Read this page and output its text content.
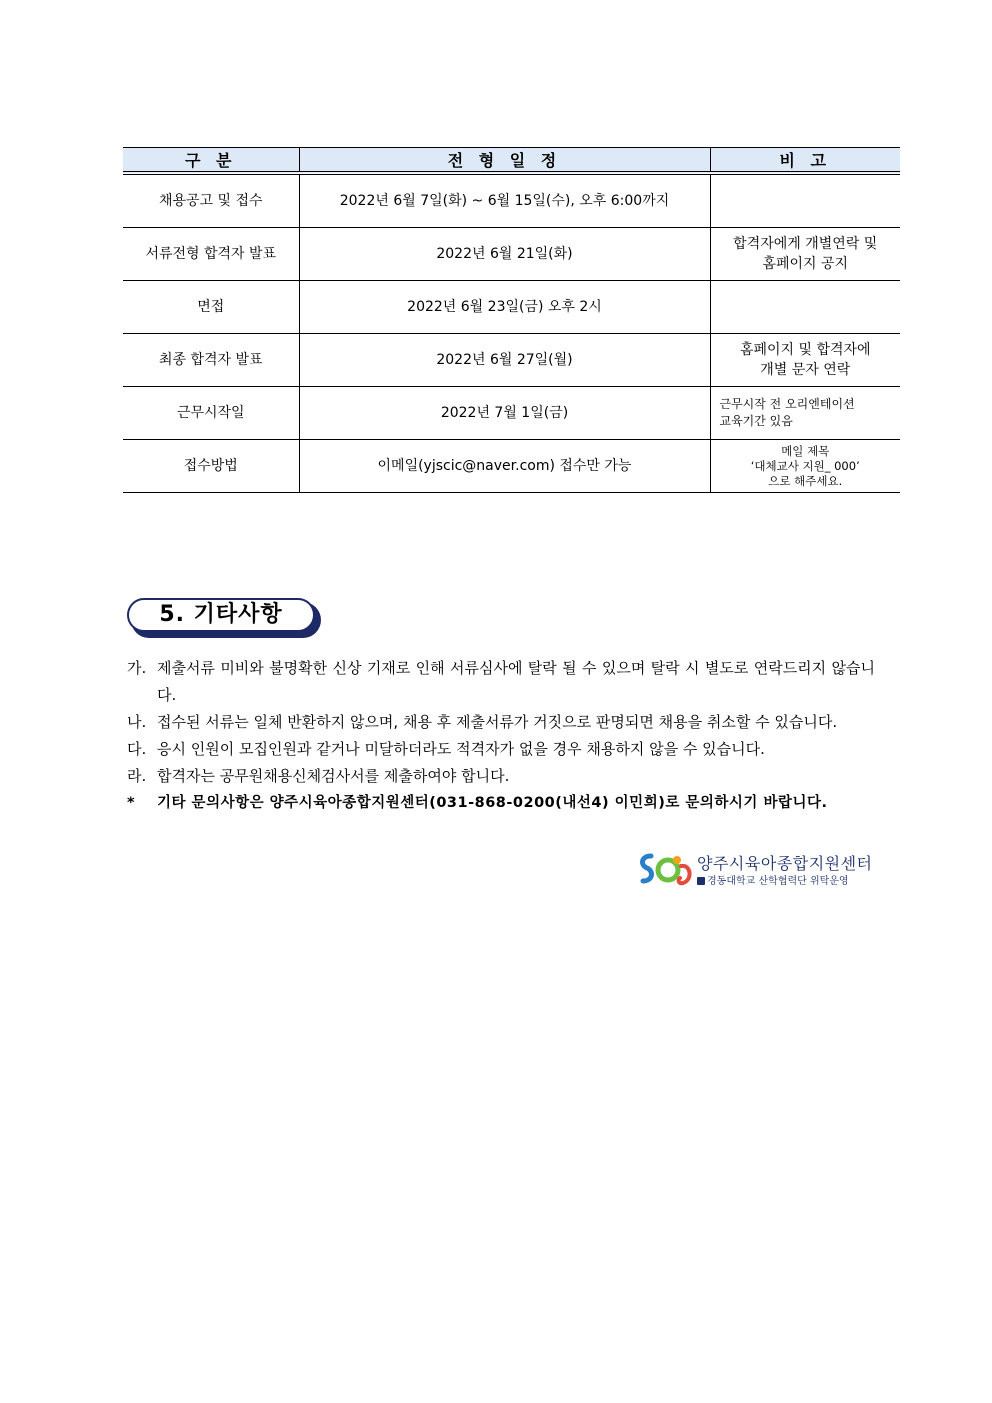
구 분	전 형 일 정	비 고
채용공고 및 접수	2022년 6월 7일(화) ~ 6월 15일(수), 오후 6:00까지	
서류전형 합격자 발표	2022년 6월 21일(화)	합격자에게 개별연락 및
홈페이지 공지

면접	2022년 6월 23일(금) 오후 2시	
최종 합격자 발표	2022년 6월 27일(월)	홈페이지 및 합격자에
개별 문자 연락

근무시작일	2022년 7월 1일(금)	근무시작 전 오리엔테이션
교육기간 있음

접수방법	이메일(yjscic@naver.com) 접수만 가능	메일 제목
‘대체교사 지원_ 000’
으로 해주세요.
5. 기타사항
가. 제출서류 미비와 불명확한 신상 기재로 인해 서류심사에 탈락 될 수 있으며 탈락 시 별도로 연락드리지 않습니다.
나. 접수된 서류는 일체 반환하지 않으며, 채용 후 제출서류가 거짓으로 판명되면 채용을 취소할 수 있습니다.
다. 응시 인원이 모집인원과 같거나 미달하더라도 적격자가 없을 경우 채용하지 않을 수 있습니다.
라. 합격자는 공무원채용신체검사서를 제출하여야 합니다.
* 기타 문의사항은 양주시육아종합지원센터(031-868-0200(내선4) 이민희)로 문의하시기 바랍니다.
양주시육아종합지원센터
경동대학교 산학협력단 위탁운영
